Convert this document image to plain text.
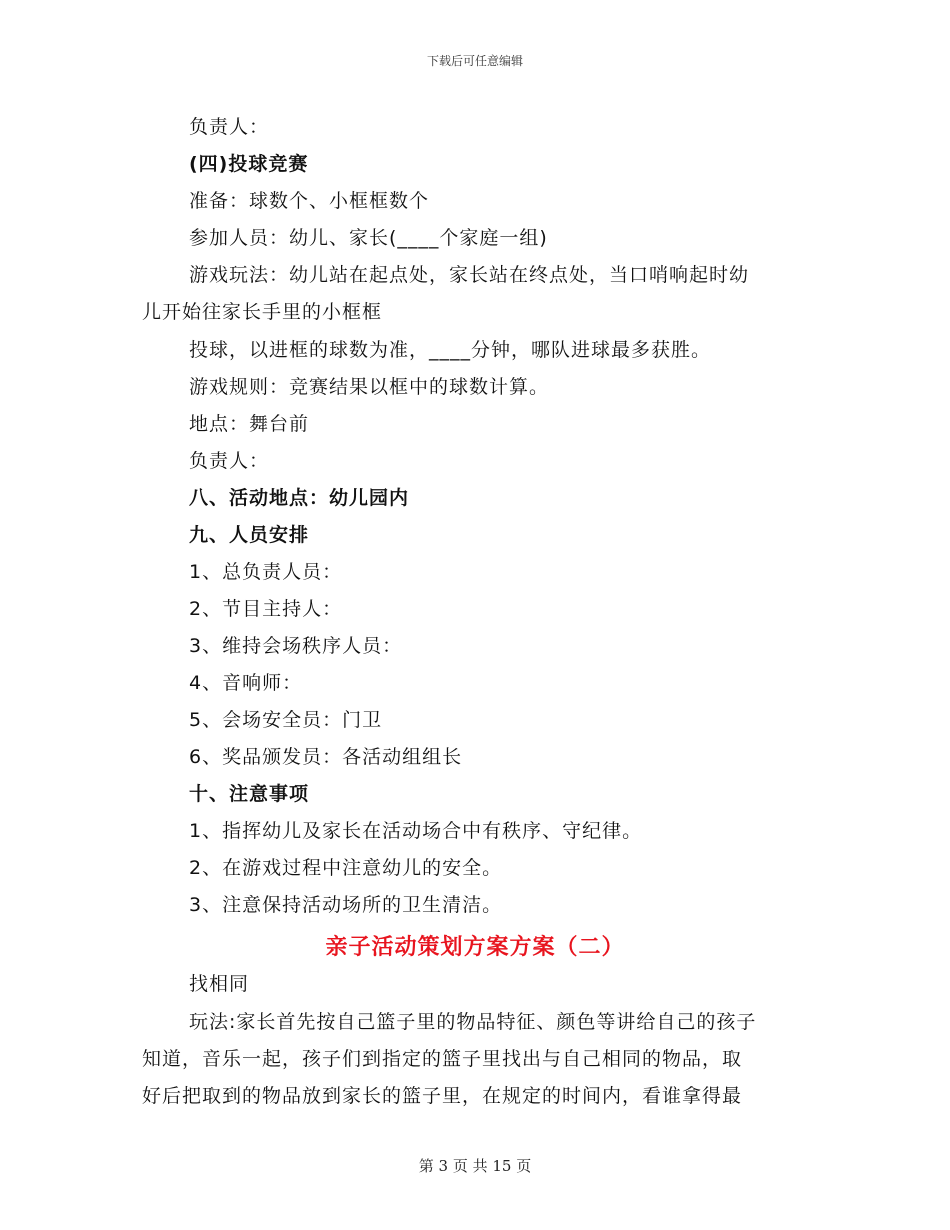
下载后可任意编辑
负责人：
(四)投球竞赛
准备：球数个、小框框数个
参加人员：幼儿、家长(____个家庭一组)
游戏玩法：幼儿站在起点处，家长站在终点处，当口哨响起时幼
儿开始往家长手里的小框框
投球，以进框的球数为准，____分钟，哪队进球最多获胜。
游戏规则：竞赛结果以框中的球数计算。
地点：舞台前
负责人：
八、活动地点：幼儿园内
九、人员安排
1、总负责人员：
2、节目主持人：
3、维持会场秩序人员：
4、音响师：
5、会场安全员：门卫
6、奖品颁发员：各活动组组长
十、注意事项
1、指挥幼儿及家长在活动场合中有秩序、守纪律。
2、在游戏过程中注意幼儿的安全。
3、注意保持活动场所的卫生清洁。
亲子活动策划方案方案（二）
找相同
玩法:家长首先按自己篮子里的物品特征、颜色等讲给自己的孩子
知道，音乐一起，孩子们到指定的篮子里找出与自己相同的物品，取
好后把取到的物品放到家长的篮子里，在规定的时间内，看谁拿得最
第 3 页 共 15 页
